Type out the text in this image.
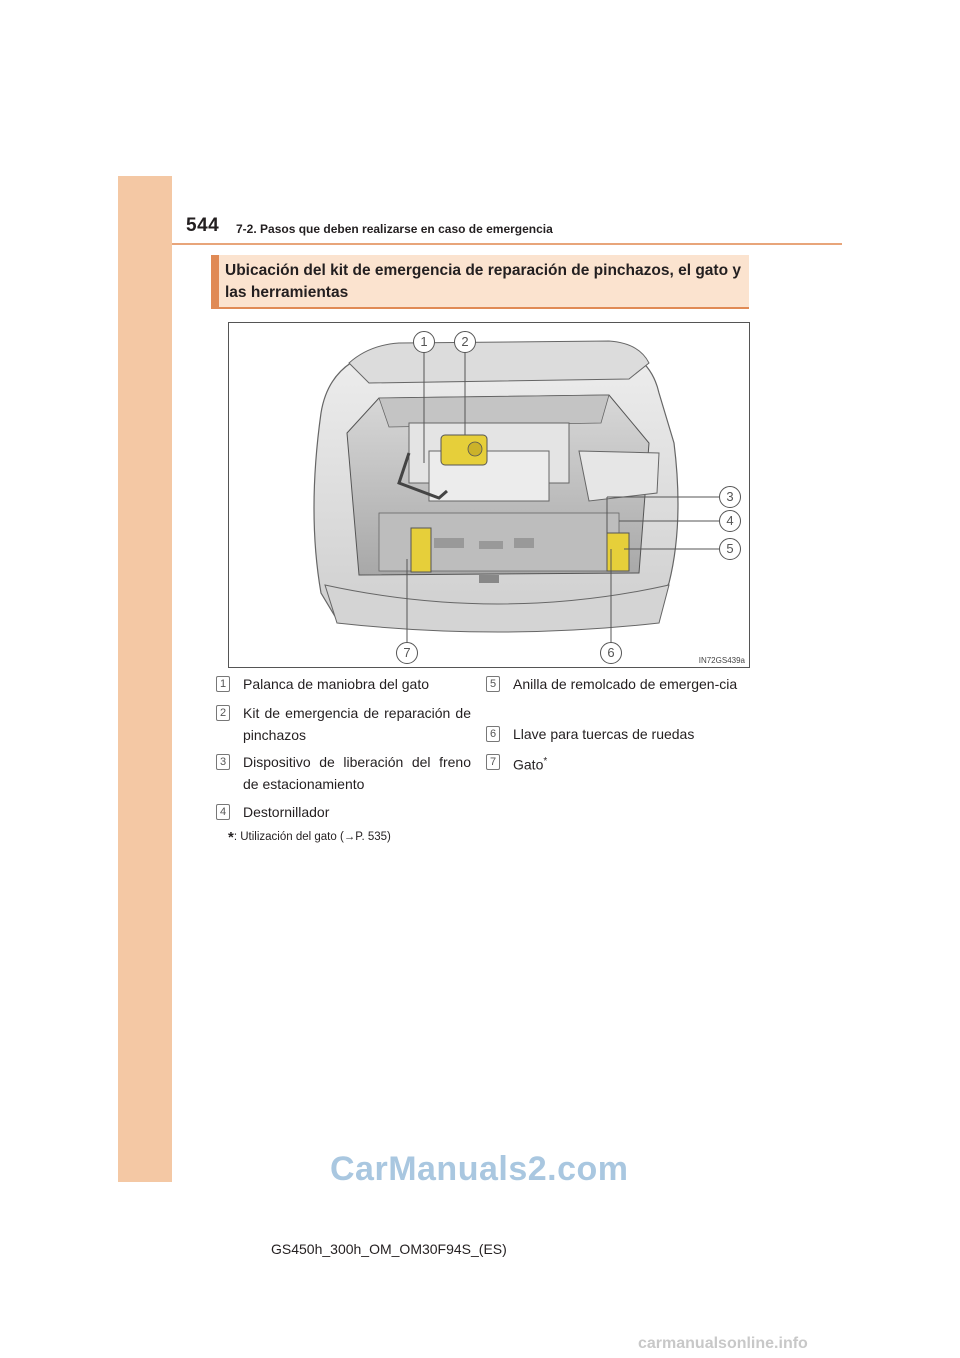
544 7-2. Pasos que deben realizarse en caso de emergencia
Ubicación del kit de emergencia de reparación de pinchazos, el gato y las herramientas
1	2
3
4
5
6
7
IN72GS439a
1 Palanca de maniobra del gato
2 Kit de emergencia de reparación de pinchazos
3 Dispositivo de liberación del freno de estacionamiento
4 Destornillador
5 Anilla de remolcado de emergen-cia
6 Llave para tuercas de ruedas
7 Gato*
*: Utilización del gato (→P. 535)
CarManuals2.com
GS450h_300h_OM_OM30F94S_(ES)
carmanualsonline.info
